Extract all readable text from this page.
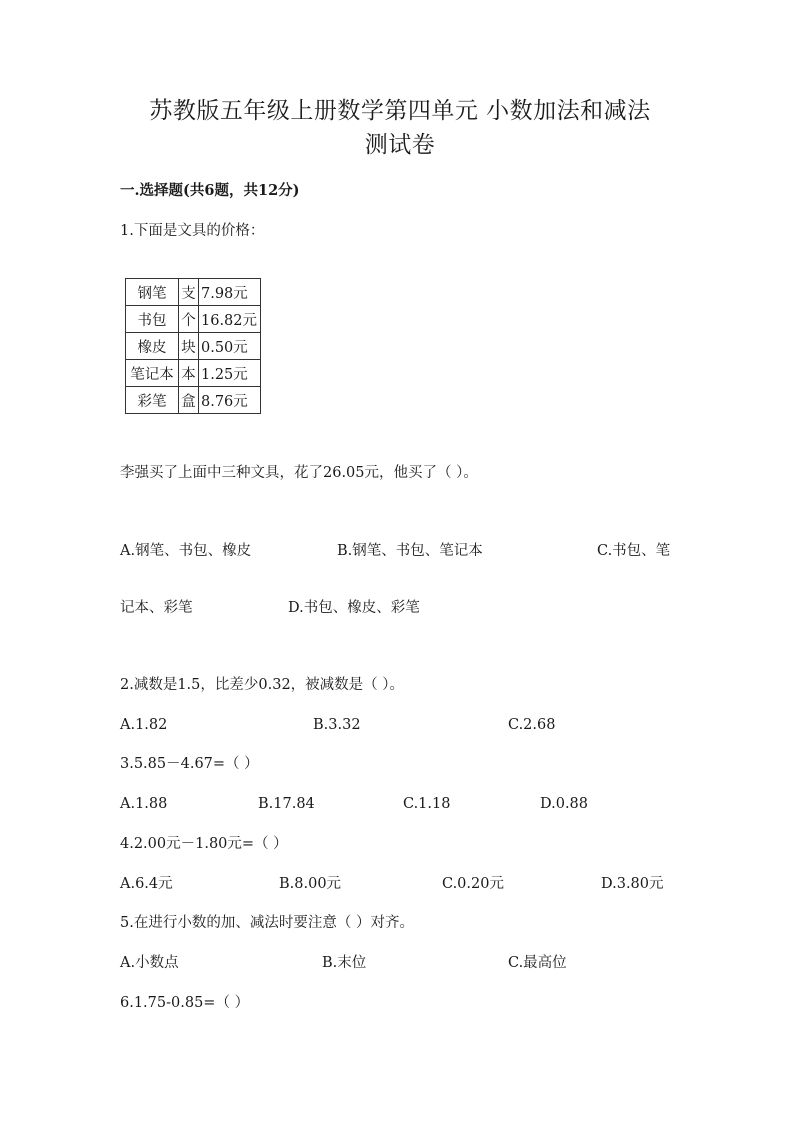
苏教版五年级上册数学第四单元 小数加法和减法
测试卷
一.选择题(共6题，共12分)
1.下面是文具的价格：
钢笔	支	7.98元
书包	个	16.82元
橡皮	块	0.50元
笔记本	本	1.25元
彩笔	盒	8.76元
李强买了上面中三种文具，花了26.05元，他买了（ ）。
A.钢笔、书包、橡皮	B.钢笔、书包、笔记本	C.书包、笔
记本、彩笔	D.书包、橡皮、彩笔
2.减数是1.5，比差少0.32，被减数是（ ）。
A.1.82	B.3.32	C.2.68
3.5.85－4.67=（ ）
A.1.88	B.17.84	C.1.18	D.0.88
4.2.00元－1.80元=（ ）
A.6.4元	B.8.00元	C.0.20元	D.3.80元
5.在进行小数的加、减法时要注意（ ）对齐。
A.小数点	B.末位	C.最高位
6.1.75-0.85=（ ）
